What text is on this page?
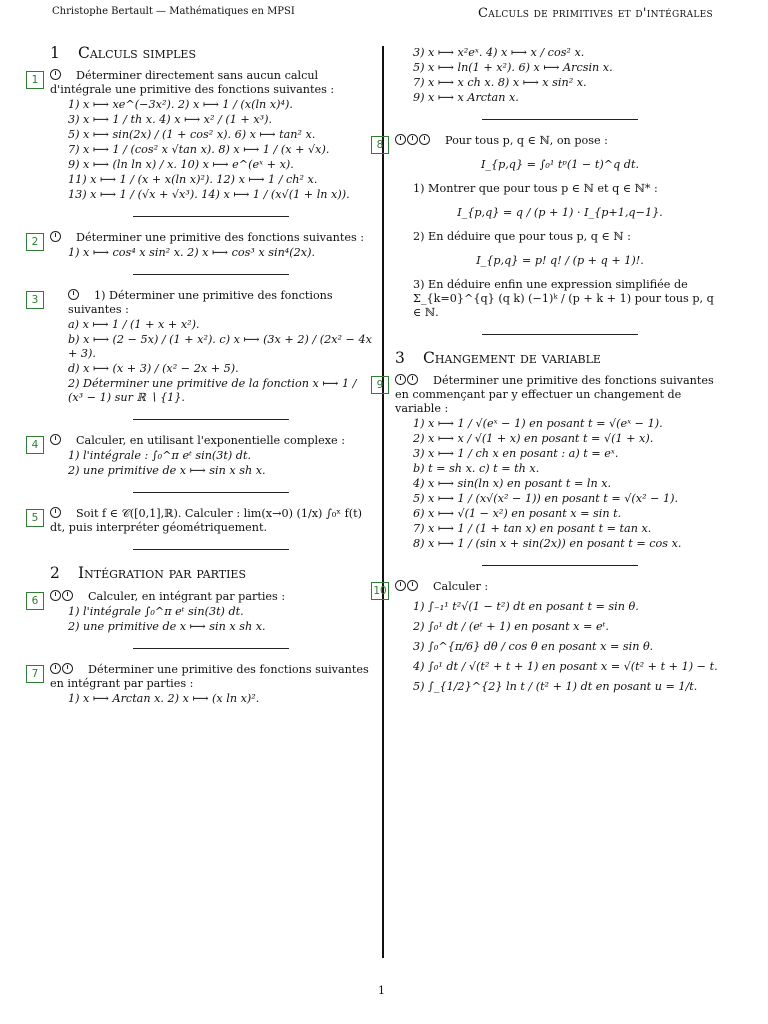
Christophe Bertault — Mathématiques en MPSI	Calculs de primitives et d'intégrales
1 Calculs simples
1	Déterminer directement sans aucun calcul d'intégrale une primitive des fonctions suivantes :
1) x ⟼ xe^(−3x²). 2) x ⟼ 1 / (x(ln x)⁴).
3) x ⟼ 1 / th x. 4) x ⟼ x² / (1 + x³).
5) x ⟼ sin(2x) / (1 + cos² x). 6) x ⟼ tan² x.
7) x ⟼ 1 / (cos² x √tan x). 8) x ⟼ 1 / (x + √x).
9) x ⟼ (ln ln x) / x. 10) x ⟼ e^(eˣ + x).
11) x ⟼ 1 / (x + x(ln x)²). 12) x ⟼ 1 / ch² x.
13) x ⟼ 1 / (√x + √x³). 14) x ⟼ 1 / (x√(1 + ln x)).
2	Déterminer une primitive des fonctions suivantes :
1) x ⟼ cos⁴ x sin² x. 2) x ⟼ cos³ x sin⁴(2x).
3	1) Déterminer une primitive des fonctions suivantes :
a) x ⟼ 1 / (1 + x + x²).
b) x ⟼ (2 − 5x) / (1 + x²). c) x ⟼ (3x + 2) / (2x² − 4x + 3).
d) x ⟼ (x + 3) / (x² − 2x + 5).
2) Déterminer une primitive de la fonction x ⟼ 1 / (x³ − 1) sur ℝ ∖ {1}.
4	Calculer, en utilisant l'exponentielle complexe :
1) l'intégrale : ∫₀^π eᵗ sin(3t) dt.
2) une primitive de x ⟼ sin x sh x.
5	Soit f ∈ 𝒞([0,1],ℝ). Calculer : lim(x→0) (1/x) ∫₀ˣ f(t) dt, puis interpréter géométriquement.
2 Intégration par parties
6	Calculer, en intégrant par parties :
1) l'intégrale ∫₀^π eᵗ sin(3t) dt.
2) une primitive de x ⟼ sin x sh x.
7	Déterminer une primitive des fonctions suivantes en intégrant par parties :
1) x ⟼ Arctan x. 2) x ⟼ (x ln x)².
3) x ⟼ x²eˣ. 4) x ⟼ x / cos² x.
5) x ⟼ ln(1 + x²). 6) x ⟼ Arcsin x.
7) x ⟼ x ch x. 8) x ⟼ x sin² x.
9) x ⟼ x Arctan x.
8	Pour tous p, q ∈ ℕ, on pose :
I_{p,q} = ∫₀¹ tᵖ(1 − t)^q dt.
1) Montrer que pour tous p ∈ ℕ et q ∈ ℕ* :
I_{p,q} = q / (p + 1) · I_{p+1,q−1}.
2) En déduire que pour tous p, q ∈ ℕ :
I_{p,q} = p! q! / (p + q + 1)!.
3) En déduire enfin une expression simplifiée de Σ_{k=0}^{q} (q k) (−1)ᵏ / (p + k + 1) pour tous p, q ∈ ℕ.
3 Changement de variable
9	Déterminer une primitive des fonctions suivantes en commençant par y effectuer un changement de variable :
1) x ⟼ 1 / √(eˣ − 1) en posant t = √(eˣ − 1).
2) x ⟼ x / √(1 + x) en posant t = √(1 + x).
3) x ⟼ 1 / ch x en posant : a) t = eˣ.
b) t = sh x. c) t = th x.
4) x ⟼ sin(ln x) en posant t = ln x.
5) x ⟼ 1 / (x√(x² − 1)) en posant t = √(x² − 1).
6) x ⟼ √(1 − x²) en posant x = sin t.
7) x ⟼ 1 / (1 + tan x) en posant t = tan x.
8) x ⟼ 1 / (sin x + sin(2x)) en posant t = cos x.
10	Calculer :
1) ∫₋₁¹ t²√(1 − t²) dt en posant t = sin θ.
2) ∫₀¹ dt / (eᵗ + 1) en posant x = eᵗ.
3) ∫₀^{π/6} dθ / cos θ en posant x = sin θ.
4) ∫₀¹ dt / √(t² + t + 1) en posant x = √(t² + t + 1) − t.
5) ∫_{1/2}^{2} ln t / (t² + 1) dt en posant u = 1/t.
1
